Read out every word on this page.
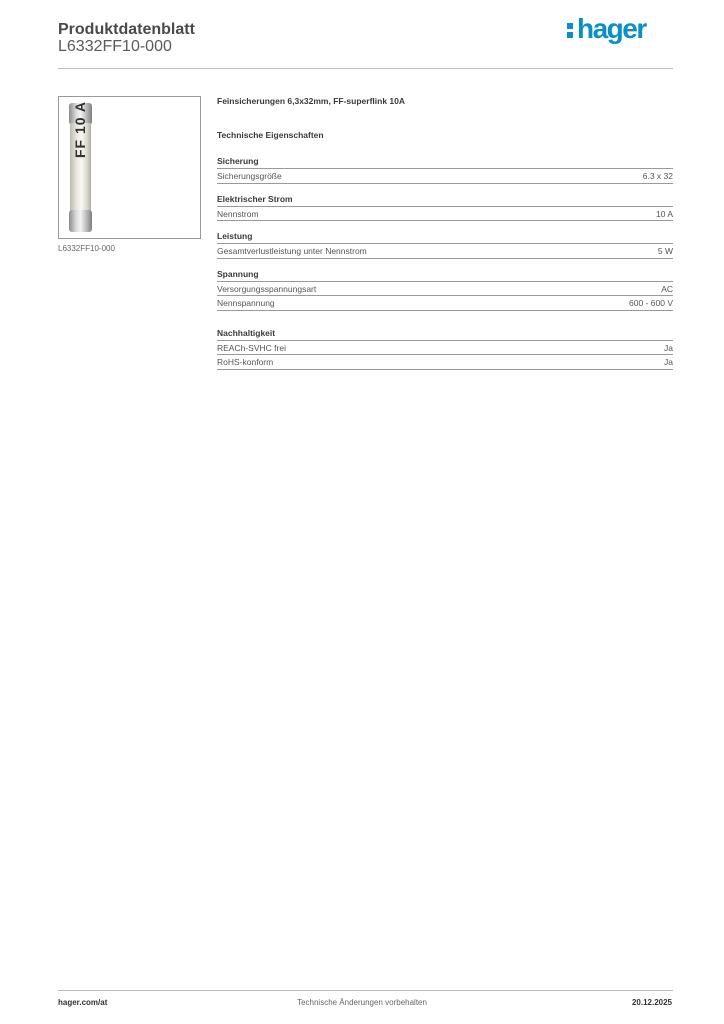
Produktdatenblatt
L6332FF10-000
hager
FF 10 A
L6332FF10-000
Feinsicherungen 6,3x32mm, FF-superflink 10A
Technische Eigenschaften
Sicherung
Sicherungsgröße	6.3 x 32
Elektrischer Strom
Nennstrom	10 A
Leistung
Gesamtverlustleistung unter Nennstrom	5 W
Spannung
Versorgungsspannungsart	AC
Nennspannung	600 - 600 V
Nachhaltigkeit
REACh-SVHC frei	Ja
RoHS-konform	Ja
hager.com/at	Technische Änderungen vorbehalten	20.12.2025
